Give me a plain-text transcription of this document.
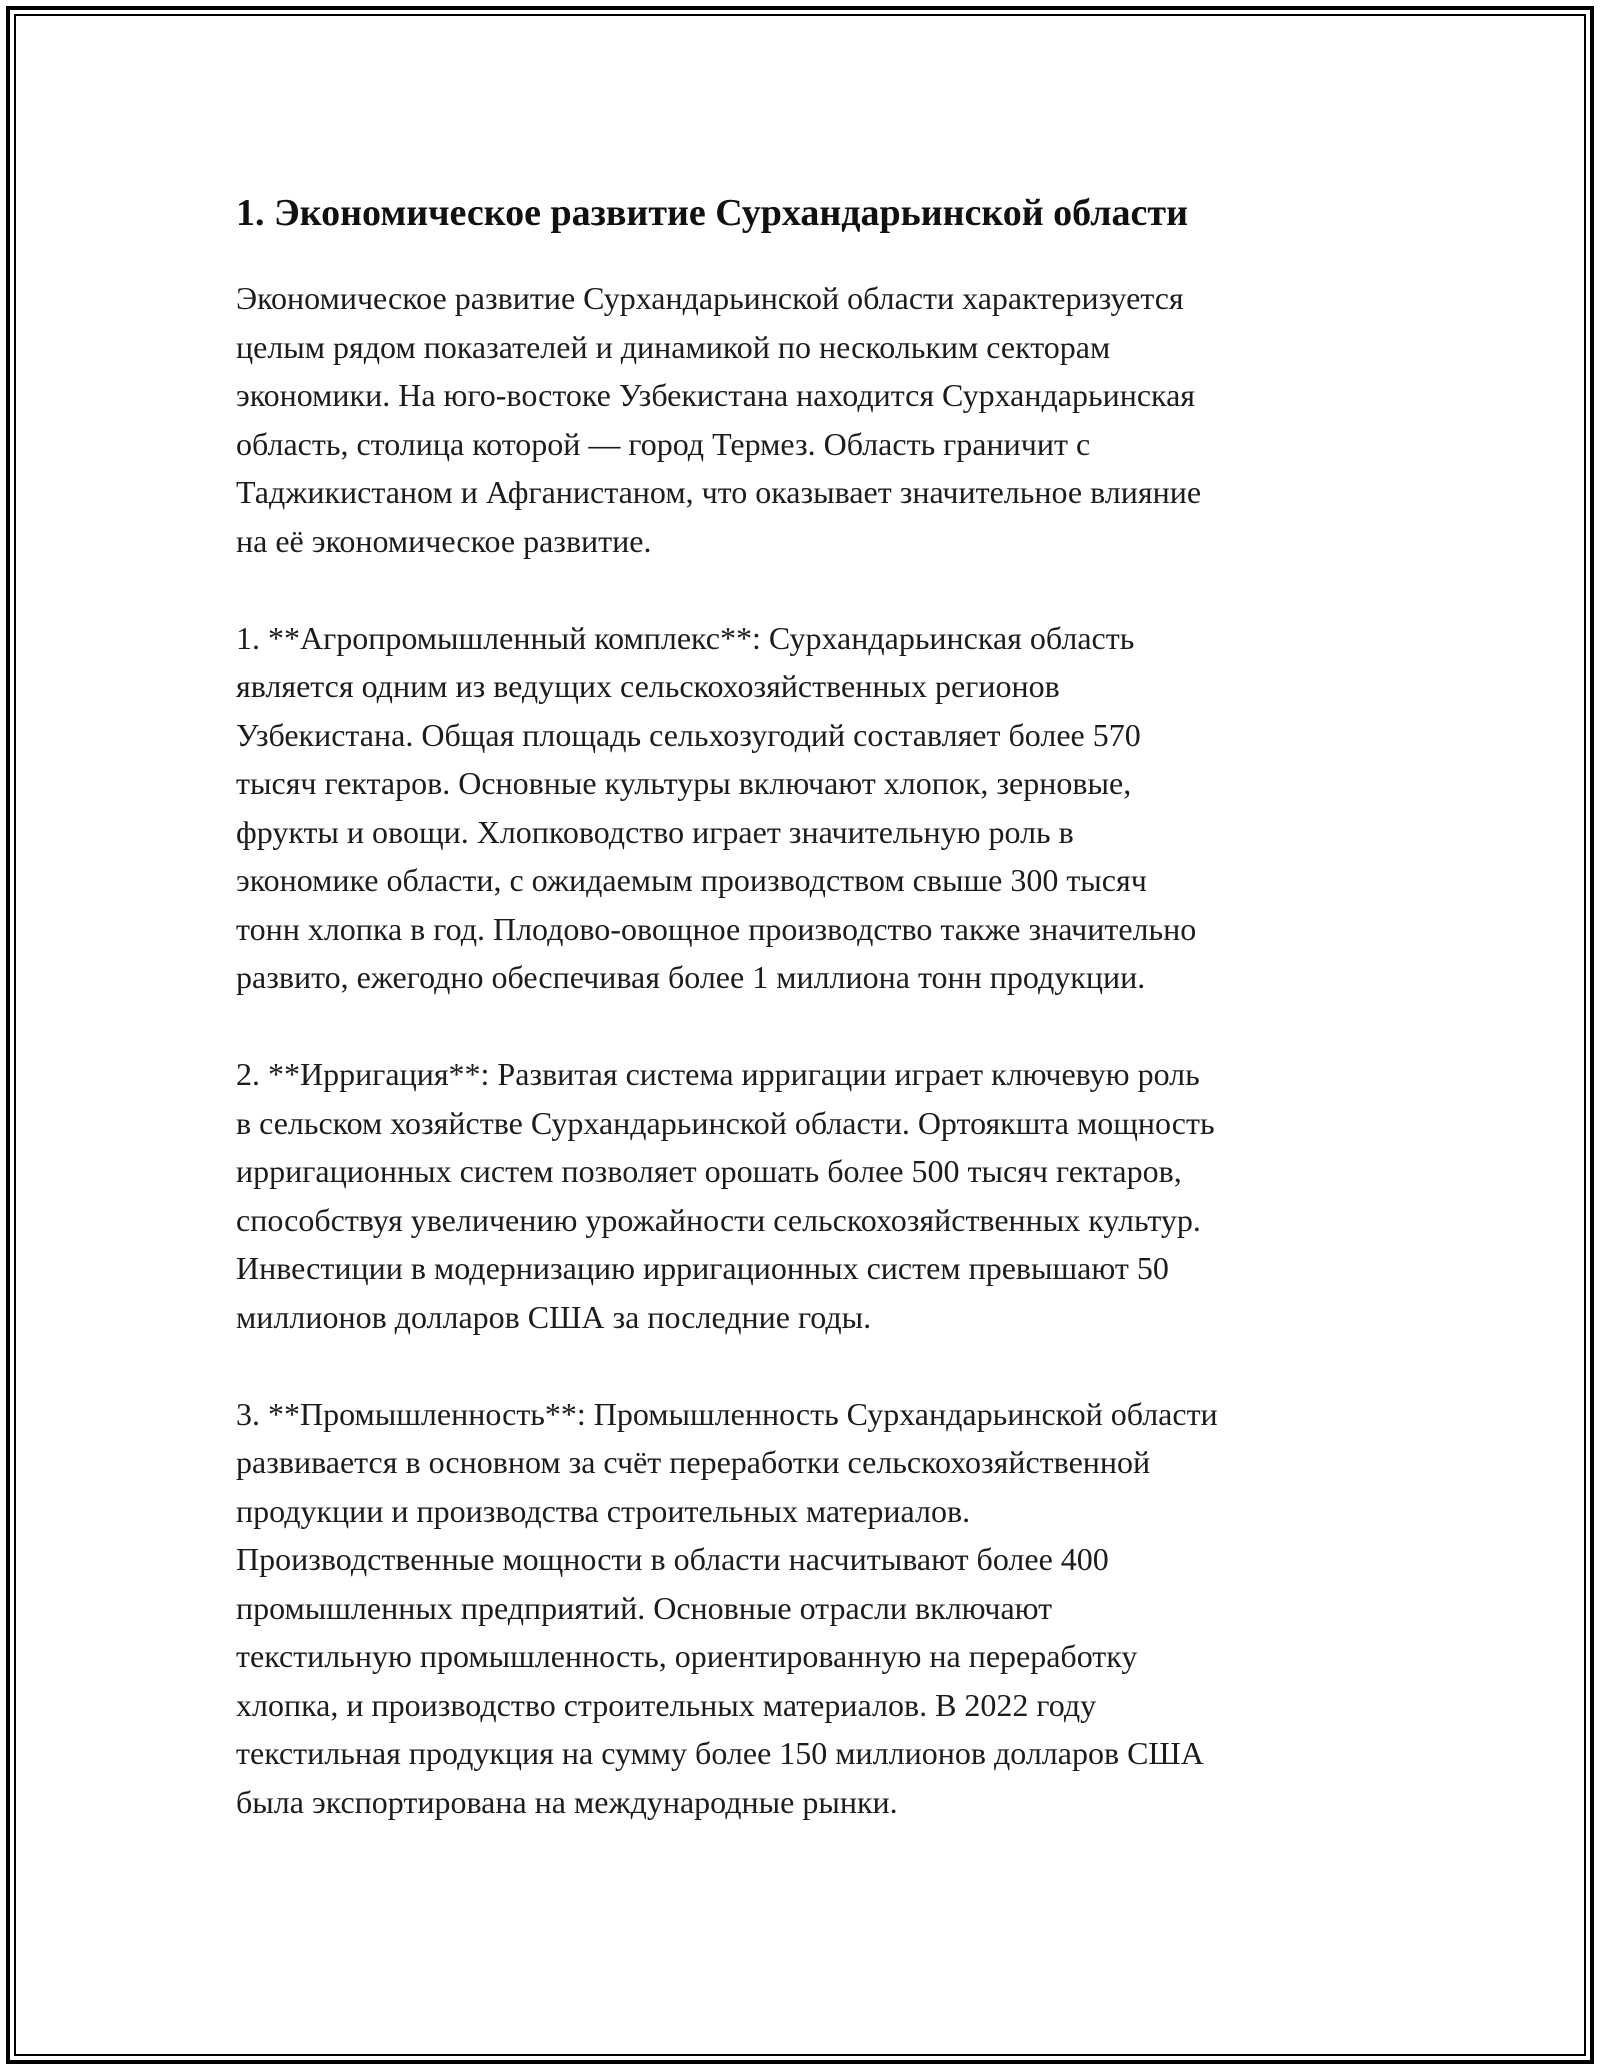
1. Экономическое развитие Сурхандарьинской области

Экономическое развитие Сурхандарьинской области характеризуется
целым рядом показателей и динамикой по нескольким секторам
экономики. На юго-востоке Узбекистана находится Сурхандарьинская
область, столица которой — город Термез. Область граничит с
Таджикистаном и Афганистаном, что оказывает значительное влияние
на её экономическое развитие.

1. **Агропромышленный комплекс**: Сурхандарьинская область
является одним из ведущих сельскохозяйственных регионов
Узбекистана. Общая площадь сельхозугодий составляет более 570
тысяч гектаров. Основные культуры включают хлопок, зерновые,
фрукты и овощи. Хлопководство играет значительную роль в
экономике области, с ожидаемым производством свыше 300 тысяч
тонн хлопка в год. Плодово-овощное производство также значительно
развито, ежегодно обеспечивая более 1 миллиона тонн продукции.

2. **Ирригация**: Развитая система ирригации играет ключевую роль
в сельском хозяйстве Сурхандарьинской области. Ортоякшта мощность
ирригационных систем позволяет орошать более 500 тысяч гектаров,
способствуя увеличению урожайности сельскохозяйственных культур.
Инвестиции в модернизацию ирригационных систем превышают 50
миллионов долларов США за последние годы.

3. **Промышленность**: Промышленность Сурхандарьинской области
развивается в основном за счёт переработки сельскохозяйственной
продукции и производства строительных материалов.
Производственные мощности в области насчитывают более 400
промышленных предприятий. Основные отрасли включают
текстильную промышленность, ориентированную на переработку
хлопка, и производство строительных материалов. В 2022 году
текстильная продукция на сумму более 150 миллионов долларов США
была экспортирована на международные рынки.
